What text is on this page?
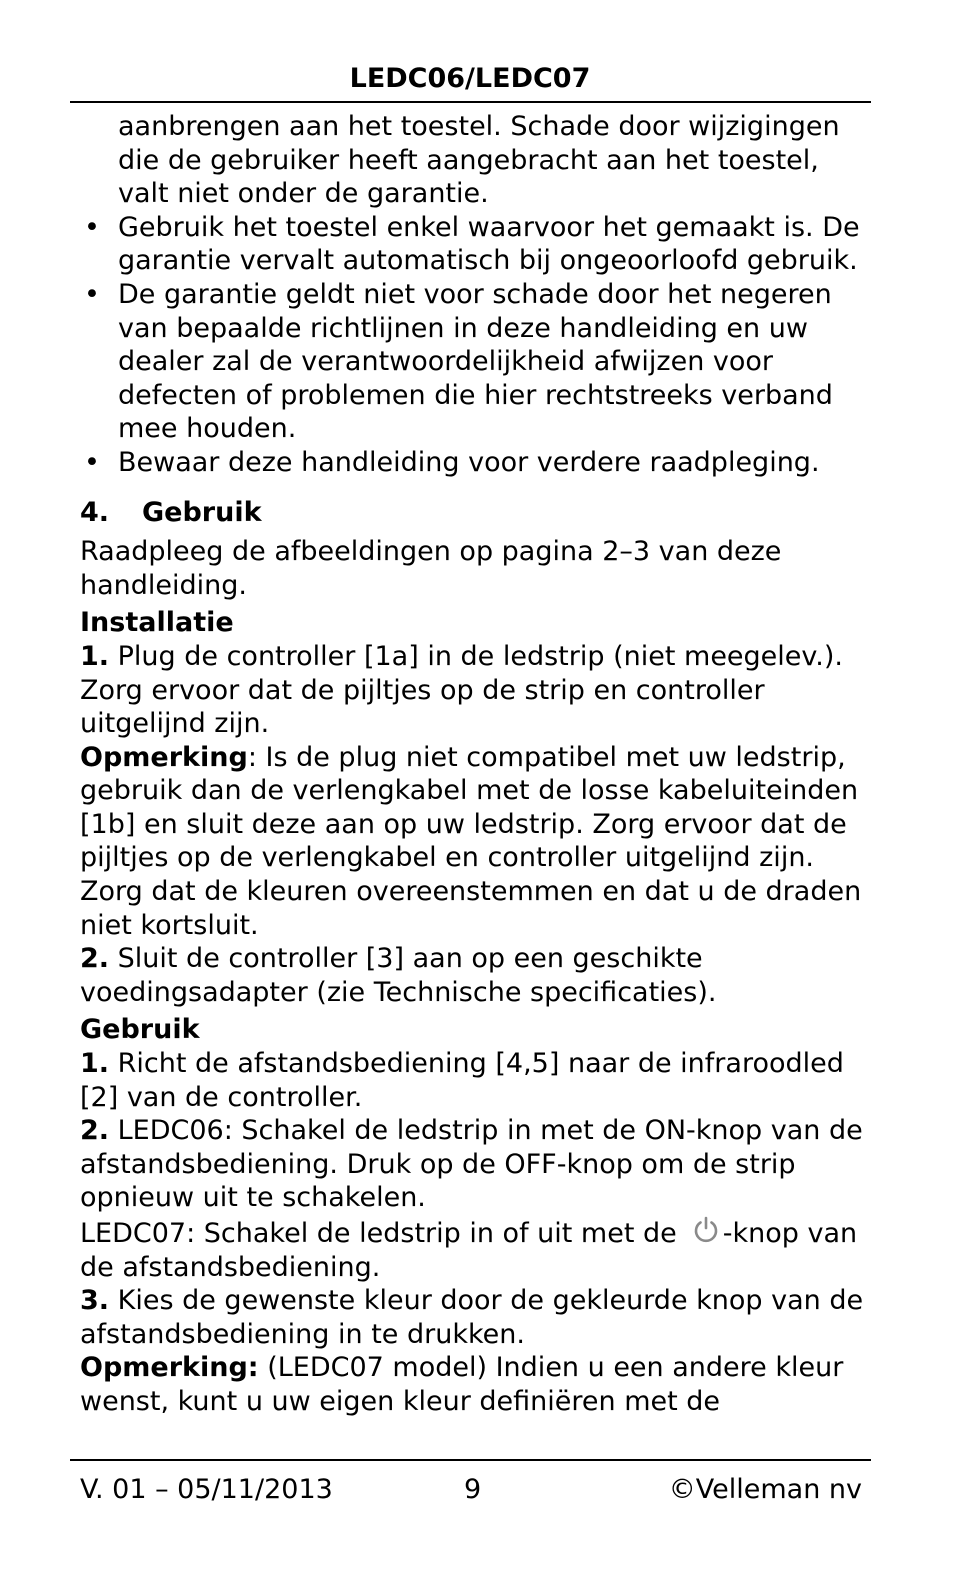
LEDC06/LEDC07
aanbrengen aan het toestel. Schade door wijzigingen die de gebruiker heeft aangebracht aan het toestel, valt niet onder de garantie.
• Gebruik het toestel enkel waarvoor het gemaakt is. De garantie vervalt automatisch bij ongeoorloofd gebruik.
• De garantie geldt niet voor schade door het negeren van bepaalde richtlijnen in deze handleiding en uw dealer zal de verantwoordelijkheid afwijzen voor defecten of problemen die hier rechtstreeks verband mee houden.
• Bewaar deze handleiding voor verdere raadpleging.
4. Gebruik
Raadpleeg de afbeeldingen op pagina 2–3 van deze handleiding.
Installatie
1. Plug de controller [1a] in de ledstrip (niet meegelev.). Zorg ervoor dat de pijltjes op de strip en controller uitgelijnd zijn.
Opmerking: Is de plug niet compatibel met uw ledstrip, gebruik dan de verlengkabel met de losse kabeluiteinden [1b] en sluit deze aan op uw ledstrip. Zorg ervoor dat de pijltjes op de verlengkabel en controller uitgelijnd zijn. Zorg dat de kleuren overeenstemmen en dat u de draden niet kortsluit.
2. Sluit de controller [3] aan op een geschikte voedingsadapter (zie Technische specificaties).
Gebruik
1. Richt de afstandsbediening [4,5] naar de infraroodled [2] van de controller.
2. LEDC06: Schakel de ledstrip in met de ON-knop van de afstandsbediening. Druk op de OFF-knop om de strip opnieuw uit te schakelen.
LEDC07: Schakel de ledstrip in of uit met de -knop van de afstandsbediening.
3. Kies de gewenste kleur door de gekleurde knop van de afstandsbediening in te drukken.
Opmerking: (LEDC07 model) Indien u een andere kleur wenst, kunt u uw eigen kleur definiëren met de
V. 01 – 05/11/2013	9	©Velleman nv
